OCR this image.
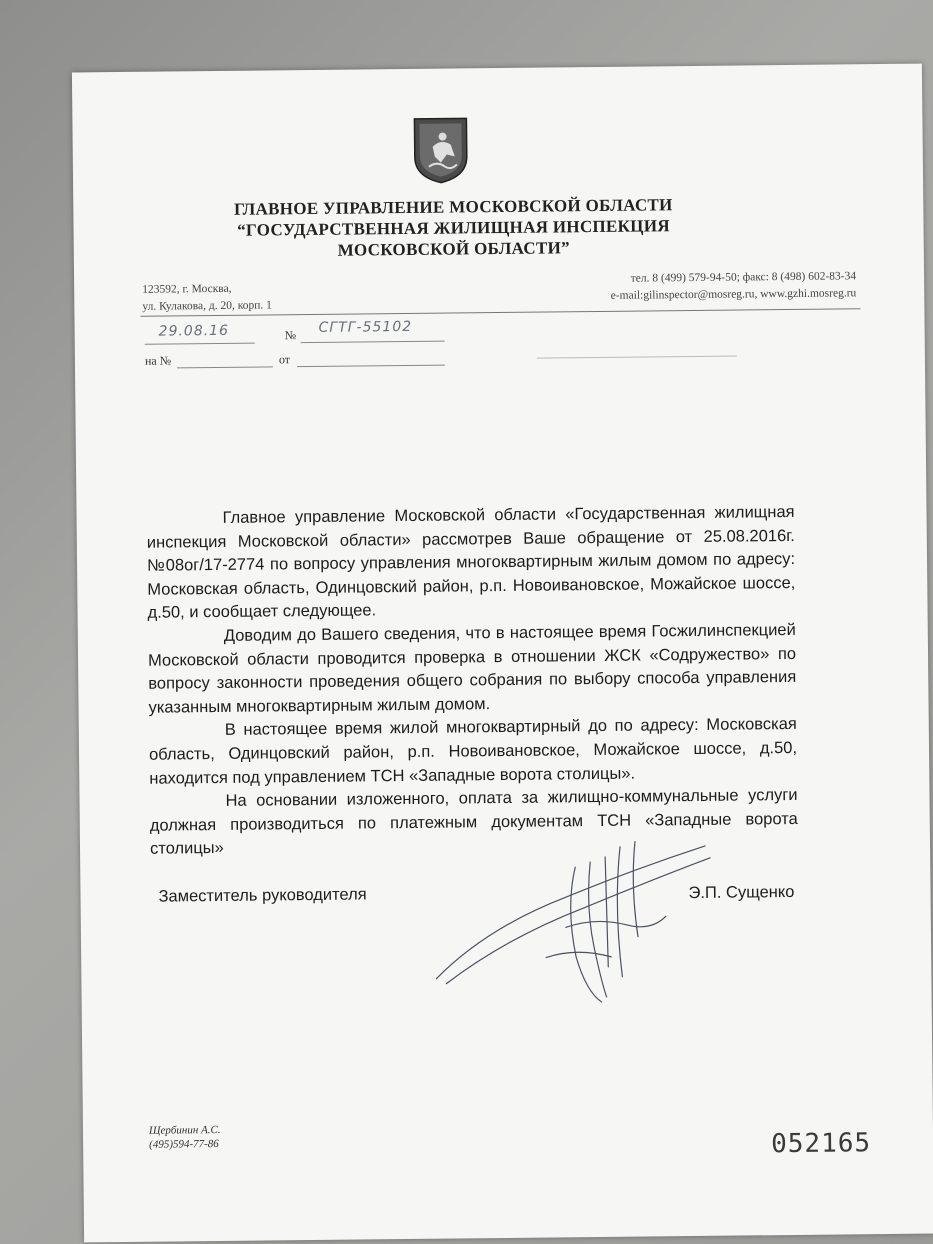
ГЛАВНОЕ УПРАВЛЕНИЕ МОСКОВСКОЙ ОБЛАСТИ
“ГОСУДАРСТВЕННАЯ ЖИЛИЩНАЯ ИНСПЕКЦИЯ
МОСКОВСКОЙ ОБЛАСТИ”
123592, г. Москва,
ул. Кулакова, д. 20, корп. 1
тел. 8 (499) 579-94-50; факс: 8 (498) 602-83-34
e-mail:gilinspector@mosreg.ru, www.gzhi.mosreg.ru
29.08.16	№ СГТГ-55102
на №	от

Главное управление Московской области «Государственная жилищная инспекция Московской области» рассмотрев Ваше обращение от 25.08.2016г. №08ог/17-2774 по вопросу управления многоквартирным жилым домом по адресу: Московская область, Одинцовский район, р.п. Новоивановское, Можайское шоссе, д.50, и сообщает следующее.

Доводим до Вашего сведения, что в настоящее время Госжилинспекцией Московской области проводится проверка в отношении ЖСК «Содружество» по вопросу законности проведения общего собрания по выбору способа управления указанным многоквартирным жилым домом.

В настоящее время жилой многоквартирный до по адресу: Московская область, Одинцовский район, р.п. Новоивановское, Можайское шоссе, д.50, находится под управлением ТСН «Западные ворота столицы».

На основании изложенного, оплата за жилищно-коммунальные услуги должная производиться по платежным документам ТСН «Западные ворота столицы»

Заместитель руководителя	Э.П. Сущенко
Щербинин А.С.
(495)594-77-86	052165
